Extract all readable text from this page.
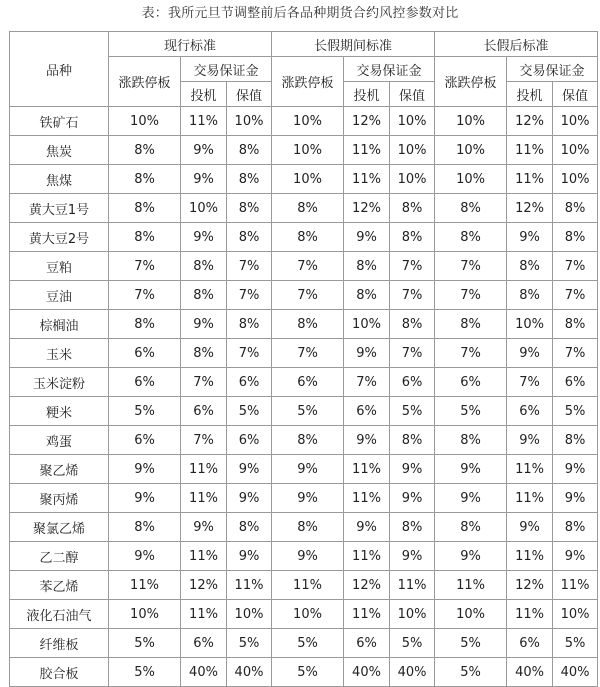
表：我所元旦节调整前后各品种期货合约风控参数对比
品种	现行标准			长假期间标准			长假后标准		
	涨跌停板	交易保证金		涨跌停板	交易保证金		涨跌停板	交易保证金	
		投机	保值		投机	保值		投机	保值
铁矿石	10%	11%	10%	10%	12%	10%	10%	12%	10%
焦炭	8%	9%	8%	10%	11%	10%	10%	11%	10%
焦煤	8%	9%	8%	10%	11%	10%	10%	11%	10%
黄大豆1号	8%	10%	8%	8%	12%	8%	8%	12%	8%
黄大豆2号	8%	9%	8%	8%	9%	8%	8%	9%	8%
豆粕	7%	8%	7%	7%	8%	7%	7%	8%	7%
豆油	7%	8%	7%	7%	8%	7%	7%	8%	7%
棕榈油	8%	9%	8%	8%	10%	8%	8%	10%	8%
玉米	6%	8%	7%	7%	9%	7%	7%	9%	7%
玉米淀粉	6%	7%	6%	6%	7%	6%	6%	7%	6%
粳米	5%	6%	5%	5%	6%	5%	5%	6%	5%
鸡蛋	6%	7%	6%	8%	9%	8%	8%	9%	8%
聚乙烯	9%	11%	9%	9%	11%	9%	9%	11%	9%
聚丙烯	9%	11%	9%	9%	11%	9%	9%	11%	9%
聚氯乙烯	8%	9%	8%	8%	9%	8%	8%	9%	8%
乙二醇	9%	11%	9%	9%	11%	9%	9%	11%	9%
苯乙烯	11%	12%	11%	11%	12%	11%	11%	12%	11%
液化石油气	10%	11%	10%	10%	11%	10%	10%	11%	10%
纤维板	5%	6%	5%	5%	6%	5%	5%	6%	5%
胶合板	5%	40%	40%	5%	40%	40%	5%	40%	40%
